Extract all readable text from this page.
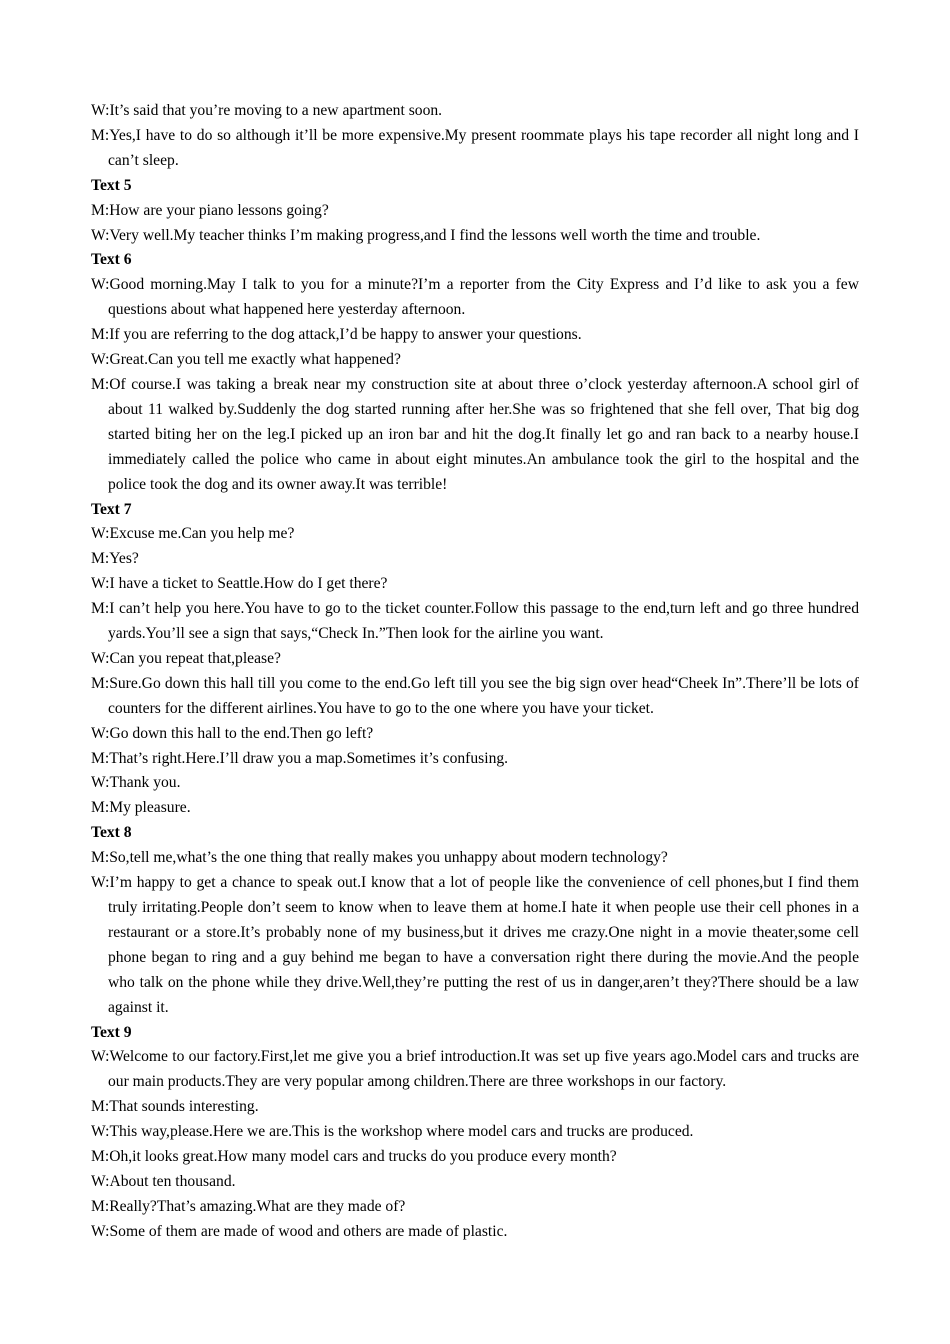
W:It’s said that you’re moving to a new apartment soon.

M:Yes,I have to do so although it’ll be more expensive.My present roommate plays his tape recorder all night long and I can’t sleep.

Text 5

M:How are your piano lessons going?

W:Very well.My teacher thinks I’m making progress,and I find the lessons well worth the time and trouble.

Text 6

W:Good morning.May I talk to you for a minute?I’m a reporter from the City Express and I’d like to ask you a few questions about what happened here yesterday afternoon.

M:If you are referring to the dog attack,I’d be happy to answer your questions.

W:Great.Can you tell me exactly what happened?

M:Of course.I was taking a break near my construction site at about three o’clock yesterday afternoon.A school girl of about 11 walked by.Suddenly the dog started running after her.She was so frightened that she fell over, That big dog started biting her on the leg.I picked up an iron bar and hit the dog.It finally let go and ran back to a nearby house.I immediately called the police who came in about eight minutes.An ambulance took the girl to the hospital and the police took the dog and its owner away.It was terrible!

Text 7

W:Excuse me.Can you help me?

M:Yes?

W:I have a ticket to Seattle.How do I get there?

M:I can’t help you here.You have to go to the ticket counter.Follow this passage to the end,turn left and go three hundred yards.You’ll see a sign that says,“Check In.”Then look for the airline you want.

W:Can you repeat that,please?

M:Sure.Go down this hall till you come to the end.Go left till you see the big sign over head“Cheek In”.There’ll be lots of counters for the different airlines.You have to go to the one where you have your ticket.

W:Go down this hall to the end.Then go left?

M:That’s right.Here.I’ll draw you a map.Sometimes it’s confusing.

W:Thank you.

M:My pleasure.

Text 8

M:So,tell me,what’s the one thing that really makes you unhappy about modern technology?

W:I’m happy to get a chance to speak out.I know that a lot of people like the convenience of cell phones,but I find them truly irritating.People don’t seem to know when to leave them at home.I hate it when people use their cell phones in a restaurant or a store.It’s probably none of my business,but it drives me crazy.One night in a movie theater,some cell phone began to ring and a guy behind me began to have a conversation right there during the movie.And the people who talk on the phone while they drive.Well,they’re putting the rest of us in danger,aren’t they?There should be a law against it.

Text 9

W:Welcome to our factory.First,let me give you a brief introduction.It was set up five years ago.Model cars and trucks are our main products.They are very popular among children.There are three workshops in our factory.

M:That sounds interesting.

W:This way,please.Here we are.This is the workshop where model cars and trucks are produced.

M:Oh,it looks great.How many model cars and trucks do you produce every month?

W:About ten thousand.

M:Really?That’s amazing.What are they made of?

W:Some of them are made of wood and others are made of plastic.
